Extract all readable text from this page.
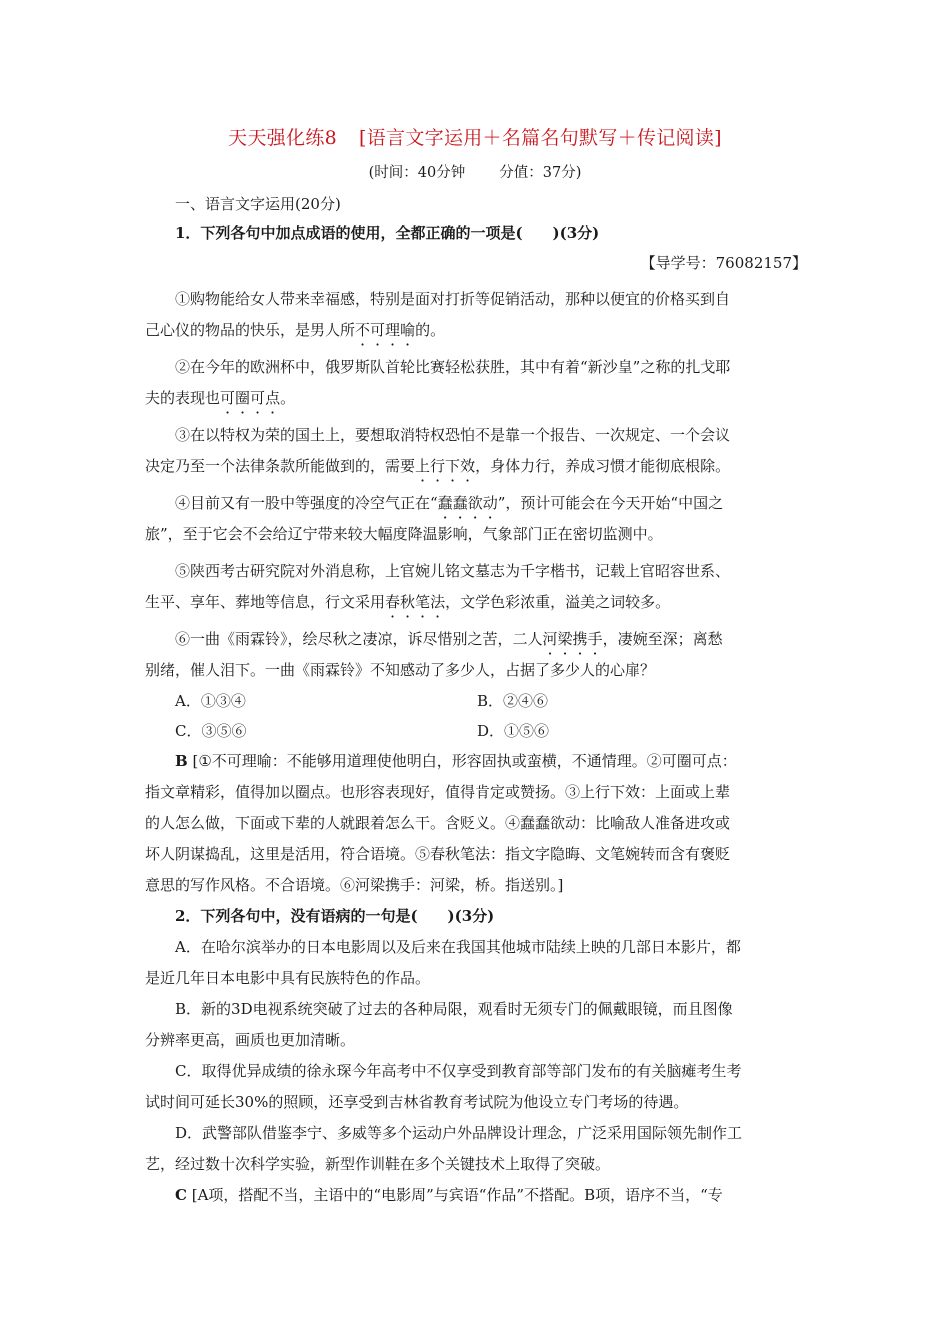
天天强化练8 [语言文字运用＋名篇名句默写＋传记阅读]
(时间：40分钟 分值：37分)
一、语言文字运用(20分)
1．下列各句中加点成语的使用，全都正确的一项是(　　)(3分)
【导学号：76082157】
①购物能给女人带来幸福感，特别是面对打折等促销活动，那种以便宜的价格买到自
己心仪的物品的快乐，是男人所不可理喻的。
②在今年的欧洲杯中，俄罗斯队首轮比赛轻松获胜，其中有着“新沙皇”之称的扎戈耶
夫的表现也可圈可点。
③在以特权为荣的国土上，要想取消特权恐怕不是靠一个报告、一次规定、一个会议
决定乃至一个法律条款所能做到的，需要上行下效，身体力行，养成习惯才能彻底根除。
④目前又有一股中等强度的冷空气正在“蠢蠢欲动”，预计可能会在今天开始“中国之
旅”，至于它会不会给辽宁带来较大幅度降温影响，气象部门正在密切监测中。
⑤陕西考古研究院对外消息称，上官婉儿铭文墓志为千字楷书，记载上官昭容世系、
生平、享年、葬地等信息，行文采用春秋笔法，文学色彩浓重，溢美之词较多。
⑥一曲《雨霖铃》，绘尽秋之凄凉，诉尽惜别之苦，二人河梁携手，凄婉至深；离愁
别绪，催人泪下。一曲《雨霖铃》不知感动了多少人，占据了多少人的心扉？
A．①③④	B．②④⑥
C．③⑤⑥	D．①⑤⑥
B [①不可理喻：不能够用道理使他明白，形容固执或蛮横，不通情理。②可圈可点：
指文章精彩，值得加以圈点。也形容表现好，值得肯定或赞扬。③上行下效：上面或上辈
的人怎么做，下面或下辈的人就跟着怎么干。含贬义。④蠢蠢欲动：比喻敌人准备进攻或
坏人阴谋捣乱，这里是活用，符合语境。⑤春秋笔法：指文字隐晦、文笔婉转而含有褒贬
意思的写作风格。不合语境。⑥河梁携手：河梁，桥。指送别。]
2．下列各句中，没有语病的一句是(　　)(3分)
A．在哈尔滨举办的日本电影周以及后来在我国其他城市陆续上映的几部日本影片，都
是近几年日本电影中具有民族特色的作品。
B．新的3D电视系统突破了过去的各种局限，观看时无须专门的佩戴眼镜，而且图像
分辨率更高，画质也更加清晰。
C．取得优异成绩的徐永琛今年高考中不仅享受到教育部等部门发布的有关脑瘫考生考
试时间可延长30%的照顾，还享受到吉林省教育考试院为他设立专门考场的待遇。
D．武警部队借鉴李宁、多威等多个运动户外品牌设计理念，广泛采用国际领先制作工
艺，经过数十次科学实验，新型作训鞋在多个关键技术上取得了突破。
C [A项，搭配不当，主语中的“电影周”与宾语“作品”不搭配。B项，语序不当，“专
